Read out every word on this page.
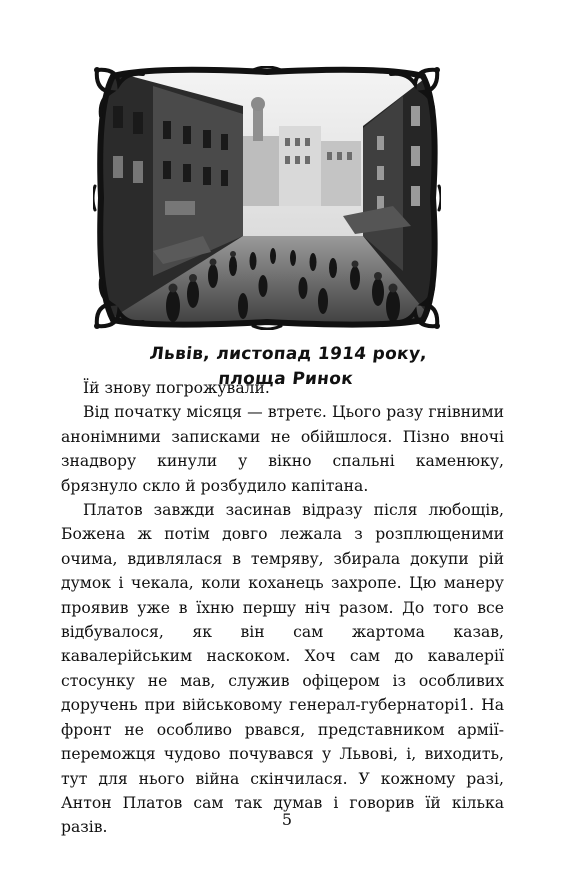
Львів, листопад 1914 року,
площа Ринок

Їй знову погрожували.

Від початку місяця — втретє. Цього разу гнівними анонімними записками не обійшлося. Пізно вночі знадвору кинули у вікно спальні каменюку, брязнуло скло й розбудило капітана.

Платов завжди засинав відразу після любощів, Божена ж потім довго лежала з розплющеними очима, вдивлялася в темряву, збирала докупи рій думок і чекала, коли коханець захропе. Цю манеру проявив уже в їхню першу ніч разом. До того все відбувалося, як він сам жартома казав, кавалерійським наскоком. Хоч сам до кавалерії стосунку не мав, служив офіцером із особливих доручень при військовому генерал-губернаторі1. На фронт не особливо рвався, представником армії-переможця чудово почувався у Львові, і, виходить, тут для нього війна скінчилася. У кожному разі, Антон Платов сам так думав і говорив їй кілька разів.	5
